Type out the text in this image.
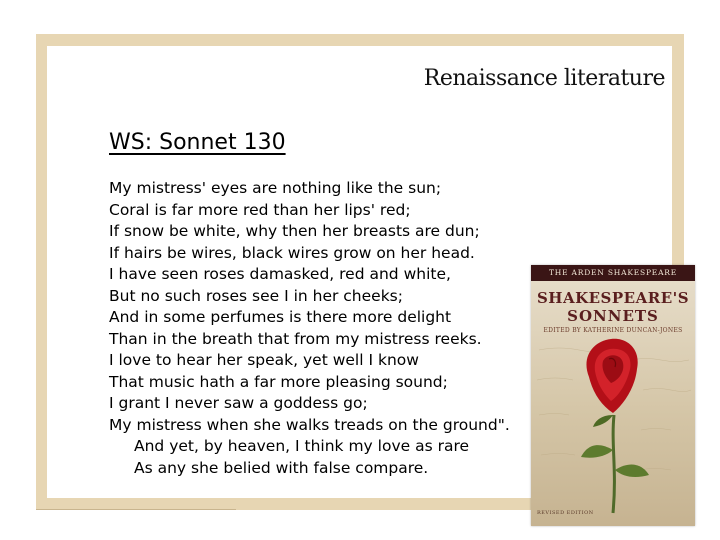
Renaissance literature
WS: Sonnet 130
My mistress' eyes are nothing like the sun;
Coral is far more red than her lips' red;
If snow be white, why then her breasts are dun;
If hairs be wires, black wires grow on her head.
I have seen roses damasked, red and white,
But no such roses see I in her cheeks;
And in some perfumes is there more delight
Than in the breath that from my mistress reeks.
I love to hear her speak, yet well I know
That music hath a far more pleasing sound;
I grant I never saw a goddess go;
My mistress when she walks treads on the ground".
And yet, by heaven, I think my love as rare
As any she belied with false compare.
THE ARDEN SHAKESPEARE
SHAKESPEARE'S
SONNETS
EDITED BY KATHERINE DUNCAN-JONES
REVISED EDITION
